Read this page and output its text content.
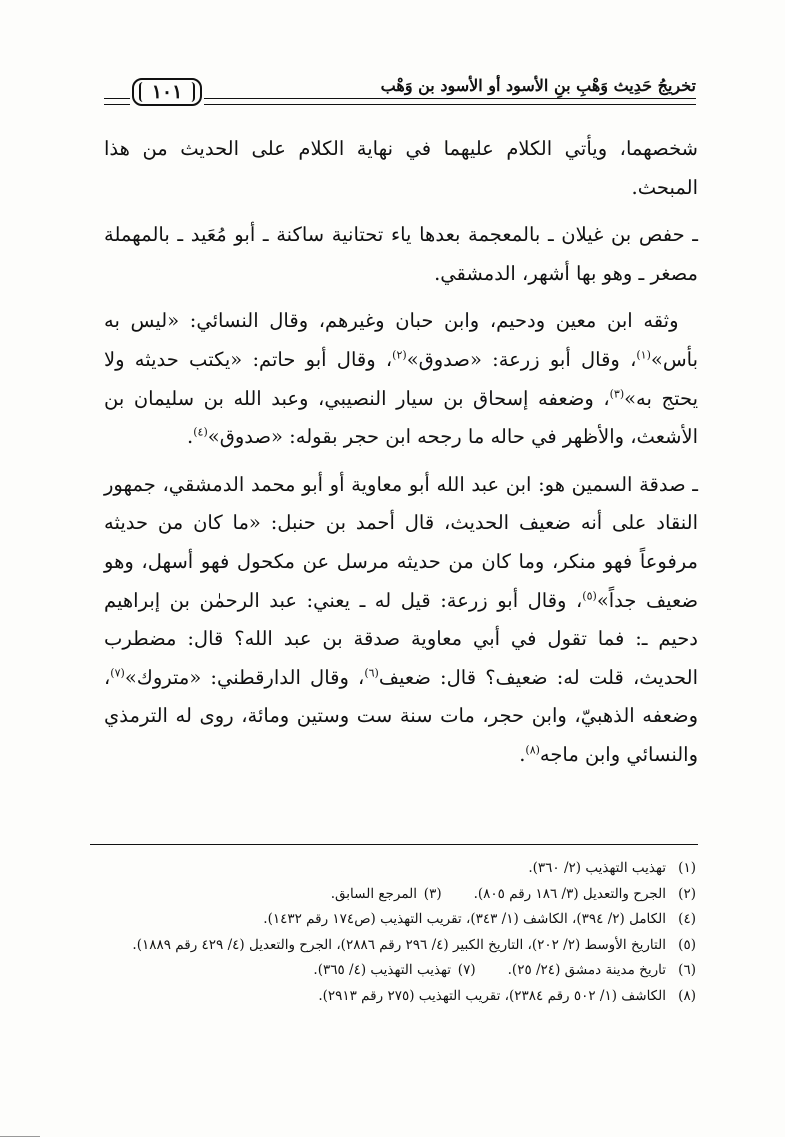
١٠١	تخريجُ حَدِيث وَهْبِ بنِ الأسود أو الأسود بن وَهْب

شخصهما، ويأتي الكلام عليهما في نهاية الكلام على الحديث من هذا المبحث.

ـ حفص بن غيلان ـ بالمعجمة بعدها ياء تحتانية ساكنة ـ أبو مُعَيد ـ بالمهملة مصغر ـ وهو بها أشهر، الدمشقي.

 وثقه ابن معين ودحيم، وابن حبان وغيرهم، وقال النسائي: «ليس به بأس»$^{(١)}$، وقال أبو زرعة: «صدوق»$^{(٢)}$، وقال أبو حاتم: «يكتب حديثه ولا يحتج به»$^{(٣)}$، وضعفه إسحاق بن سيار النصيبي، وعبد الله بن سليمان بن الأشعث، والأظهر في حاله ما رجحه ابن حجر بقوله: «صدوق»$^{(٤)}$.

ـ صدقة السمين هو: ابن عبد الله أبو معاوية أو أبو محمد الدمشقي، جمهور النقاد على أنه ضعيف الحديث، قال أحمد بن حنبل: «ما كان من حديثه مرفوعاً فهو منكر، وما كان من حديثه مرسل عن مكحول فهو أسهل، وهو ضعيف جداً»$^{(٥)}$، وقال أبو زرعة: قيل له ـ يعني: عبد الرحمٰن بن إبراهيم دحيم ـ: فما تقول في أبي معاوية صدقة بن عبد الله؟ قال: مضطرب الحديث، قلت له: ضعيف؟ قال: ضعيف$^{(٦)}$، وقال الدارقطني: «متروك»$^{(٧)}$، وضعفه الذهبيّ، وابن حجر، مات سنة ست وستين ومائة، روى له الترمذي والنسائي وابن ماجه$^{(٨)}$.

(١)
تهذيب التهذيب (٢/ ٣٦٠).
(٢)
الجرح والتعديل (٣/ ١٨٦ رقم ٨٠٥).(٣) المرجع السابق.
(٤)
الكامل (٢/ ٣٩٤)، الكاشف (١/ ٣٤٣)، تقريب التهذيب (ص١٧٤ رقم ١٤٣٢).
(٥)
التاريخ الأوسط (٢/ ٢٠٢)، التاريخ الكبير (٤/ ٢٩٦ رقم ٢٨٨٦)، الجرح والتعديل (٤/ ٤٢٩ رقم ١٨٨٩).
(٦)
تاريخ مدينة دمشق (٢٤/ ٢٥).(٧) تهذيب التهذيب (٤/ ٣٦٥).
(٨)
الكاشف (١/ ٥٠٢ رقم ٢٣٨٤)، تقريب التهذيب (٢٧٥ رقم ٢٩١٣).
